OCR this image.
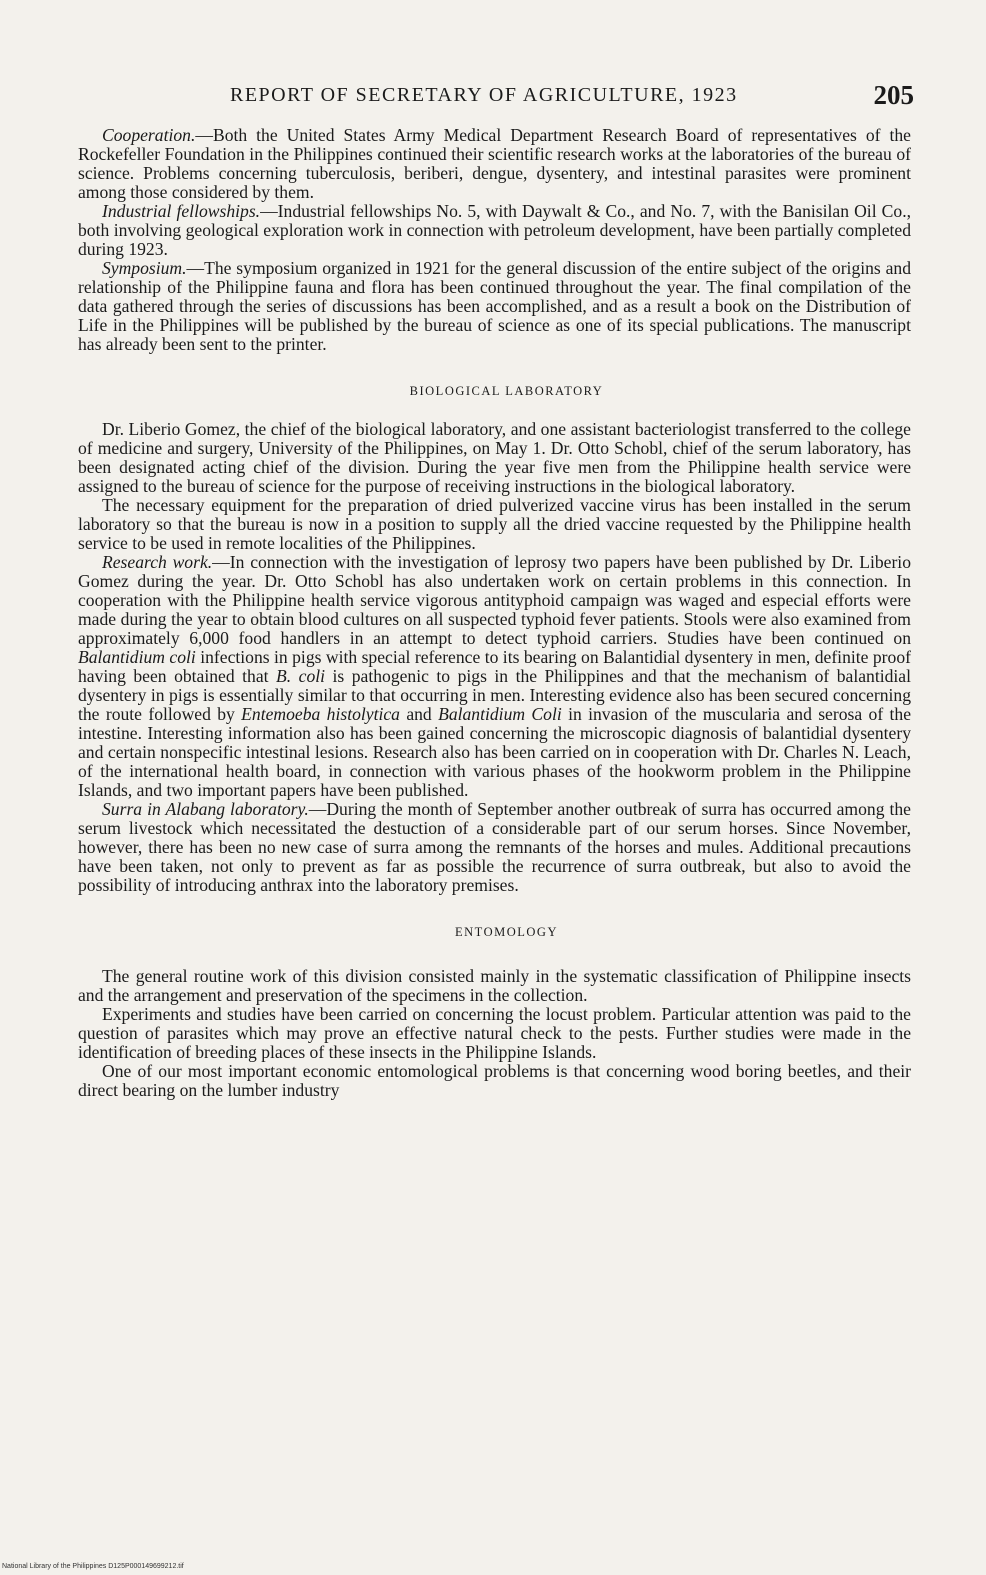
REPORT OF SECRETARY OF AGRICULTURE, 1923	205

Cooperation.—Both the United States Army Medical Department Research Board of representatives of the Rockefeller Foundation in the Philippines continued their scientific research works at the laboratories of the bureau of science. Problems concerning tuberculosis, beriberi, dengue, dysentery, and intestinal parasites were prominent among those considered by them.

Industrial fellowships.—Industrial fellowships No. 5, with Daywalt & Co., and No. 7, with the Banisilan Oil Co., both involving geological exploration work in connection with petroleum development, have been partially completed during 1923.

Symposium.—The symposium organized in 1921 for the general discussion of the entire subject of the origins and relationship of the Philippine fauna and flora has been continued throughout the year. The final compilation of the data gathered through the series of discussions has been accomplished, and as a result a book on the Distribution of Life in the Philippines will be published by the bureau of science as one of its special publications. The manuscript has already been sent to the printer.

BIOLOGICAL LABORATORY

Dr. Liberio Gomez, the chief of the biological laboratory, and one assistant bacteriologist transferred to the college of medicine and surgery, University of the Philippines, on May 1. Dr. Otto Schobl, chief of the serum laboratory, has been designated acting chief of the division. During the year five men from the Philippine health service were assigned to the bureau of science for the purpose of receiving instructions in the biological laboratory.

The necessary equipment for the preparation of dried pulverized vaccine virus has been installed in the serum laboratory so that the bureau is now in a position to supply all the dried vaccine requested by the Philippine health service to be used in remote localities of the Philippines.

Research work.—In connection with the investigation of leprosy two papers have been published by Dr. Liberio Gomez during the year. Dr. Otto Schobl has also undertaken work on certain problems in this connection. In cooperation with the Philippine health service vigorous antityphoid campaign was waged and especial efforts were made during the year to obtain blood cultures on all suspected typhoid fever patients. Stools were also examined from approximately 6,000 food handlers in an attempt to detect typhoid carriers. Studies have been continued on Balantidium coli infections in pigs with special reference to its bearing on Balantidial dysentery in men, definite proof having been obtained that B. coli is pathogenic to pigs in the Philippines and that the mechanism of balantidial dysentery in pigs is essentially similar to that occurring in men. Interesting evidence also has been secured concerning the route followed by Entemoeba histolytica and Balantidium Coli in invasion of the muscularia and serosa of the intestine. Interesting information also has been gained concerning the microscopic diagnosis of balantidial dysentery and certain nonspecific intestinal lesions. Research also has been carried on in cooperation with Dr. Charles N. Leach, of the international health board, in connection with various phases of the hookworm problem in the Philippine Islands, and two important papers have been published.

Surra in Alabang laboratory.—During the month of September another outbreak of surra has occurred among the serum livestock which necessitated the destuction of a considerable part of our serum horses. Since November, however, there has been no new case of surra among the remnants of the horses and mules. Additional precautions have been taken, not only to prevent as far as possible the recurrence of surra outbreak, but also to avoid the possibility of introducing anthrax into the laboratory premises.

ENTOMOLOGY

The general routine work of this division consisted mainly in the systematic classification of Philippine insects and the arrangement and preservation of the specimens in the collection.

Experiments and studies have been carried on concerning the locust problem. Particular attention was paid to the question of parasites which may prove an effective natural check to the pests. Further studies were made in the identification of breeding places of these insects in the Philippine Islands.

One of our most important economic entomological problems is that concerning wood boring beetles, and their direct bearing on the lumber industry

National Library of the Philippines D125P000149699212.tif
